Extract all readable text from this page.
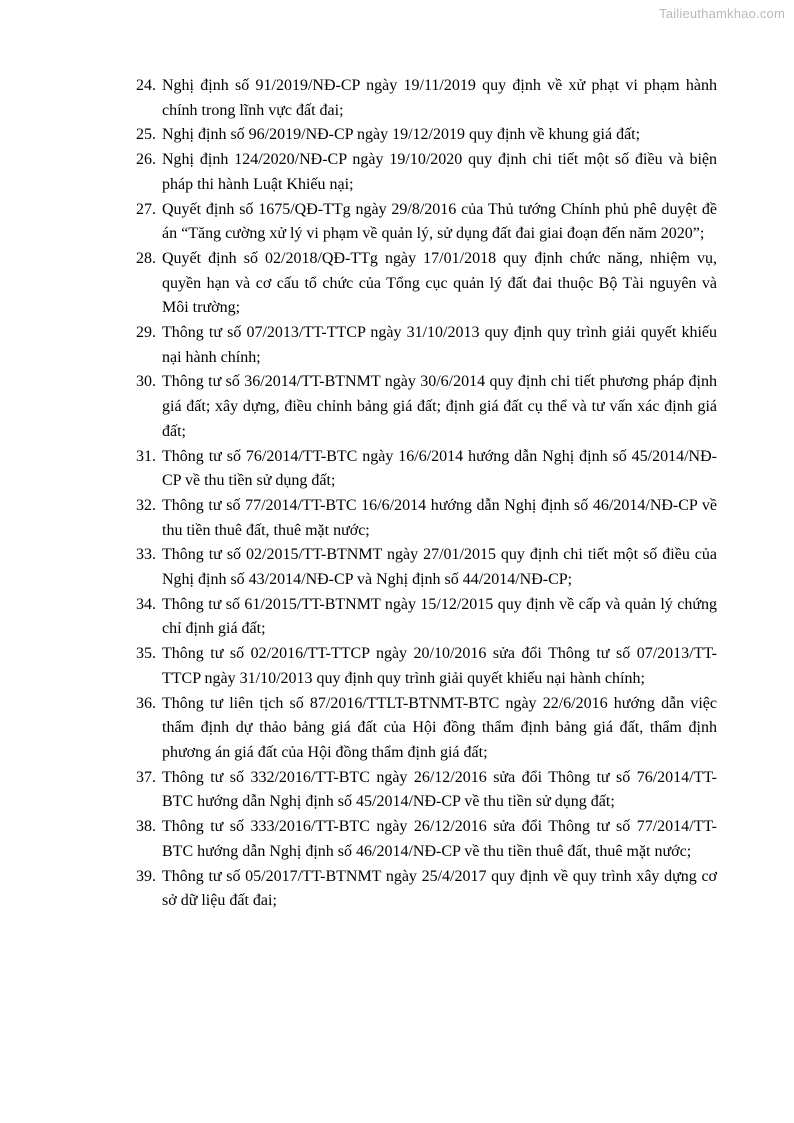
Tailieuthamkhao.com
24. Nghị định số 91/2019/NĐ-CP ngày 19/11/2019 quy định về xử phạt vi phạm hành chính trong lĩnh vực đất đai;
25. Nghị định số 96/2019/NĐ-CP ngày 19/12/2019 quy định về khung giá đất;
26. Nghị định 124/2020/NĐ-CP ngày 19/10/2020 quy định chi tiết một số điều và biện pháp thi hành Luật Khiếu nại;
27. Quyết định số 1675/QĐ-TTg ngày 29/8/2016 của Thủ tướng Chính phủ phê duyệt đề án “Tăng cường xử lý vi phạm về quản lý, sử dụng đất đai giai đoạn đến năm 2020”;
28. Quyết định số 02/2018/QĐ-TTg ngày 17/01/2018 quy định chức năng, nhiệm vụ, quyền hạn và cơ cấu tổ chức của Tổng cục quản lý đất đai thuộc Bộ Tài nguyên và Môi trường;
29. Thông tư số 07/2013/TT-TTCP ngày 31/10/2013 quy định quy trình giải quyết khiếu nại hành chính;
30. Thông tư số 36/2014/TT-BTNMT ngày 30/6/2014 quy định chi tiết phương pháp định giá đất; xây dựng, điều chỉnh bảng giá đất; định giá đất cụ thể và tư vấn xác định giá đất;
31. Thông tư số 76/2014/TT-BTC ngày 16/6/2014 hướng dẫn Nghị định số 45/2014/NĐ-CP về thu tiền sử dụng đất;
32. Thông tư số 77/2014/TT-BTC 16/6/2014 hướng dẫn Nghị định số 46/2014/NĐ-CP về thu tiền thuê đất, thuê mặt nước;
33. Thông tư số 02/2015/TT-BTNMT ngày 27/01/2015 quy định chi tiết một số điều của Nghị định số 43/2014/NĐ-CP và Nghị định số 44/2014/NĐ-CP;
34. Thông tư số 61/2015/TT-BTNMT ngày 15/12/2015 quy định về cấp và quản lý chứng chỉ định giá đất;
35. Thông tư số 02/2016/TT-TTCP ngày 20/10/2016 sửa đổi Thông tư số 07/2013/TT-TTCP ngày 31/10/2013 quy định quy trình giải quyết khiếu nại hành chính;
36. Thông tư liên tịch số 87/2016/TTLT-BTNMT-BTC ngày 22/6/2016 hướng dẫn việc thẩm định dự thảo bảng giá đất của Hội đồng thẩm định bảng giá đất, thẩm định phương án giá đất của Hội đồng thẩm định giá đất;
37. Thông tư số 332/2016/TT-BTC ngày 26/12/2016 sửa đổi Thông tư số 76/2014/TT-BTC hướng dẫn Nghị định số 45/2014/NĐ-CP về thu tiền sử dụng đất;
38. Thông tư số 333/2016/TT-BTC ngày 26/12/2016 sửa đổi Thông tư số 77/2014/TT-BTC hướng dẫn Nghị định số 46/2014/NĐ-CP về thu tiền thuê đất, thuê mặt nước;
39. Thông tư số 05/2017/TT-BTNMT ngày 25/4/2017 quy định về quy trình xây dựng cơ sở dữ liệu đất đai;
